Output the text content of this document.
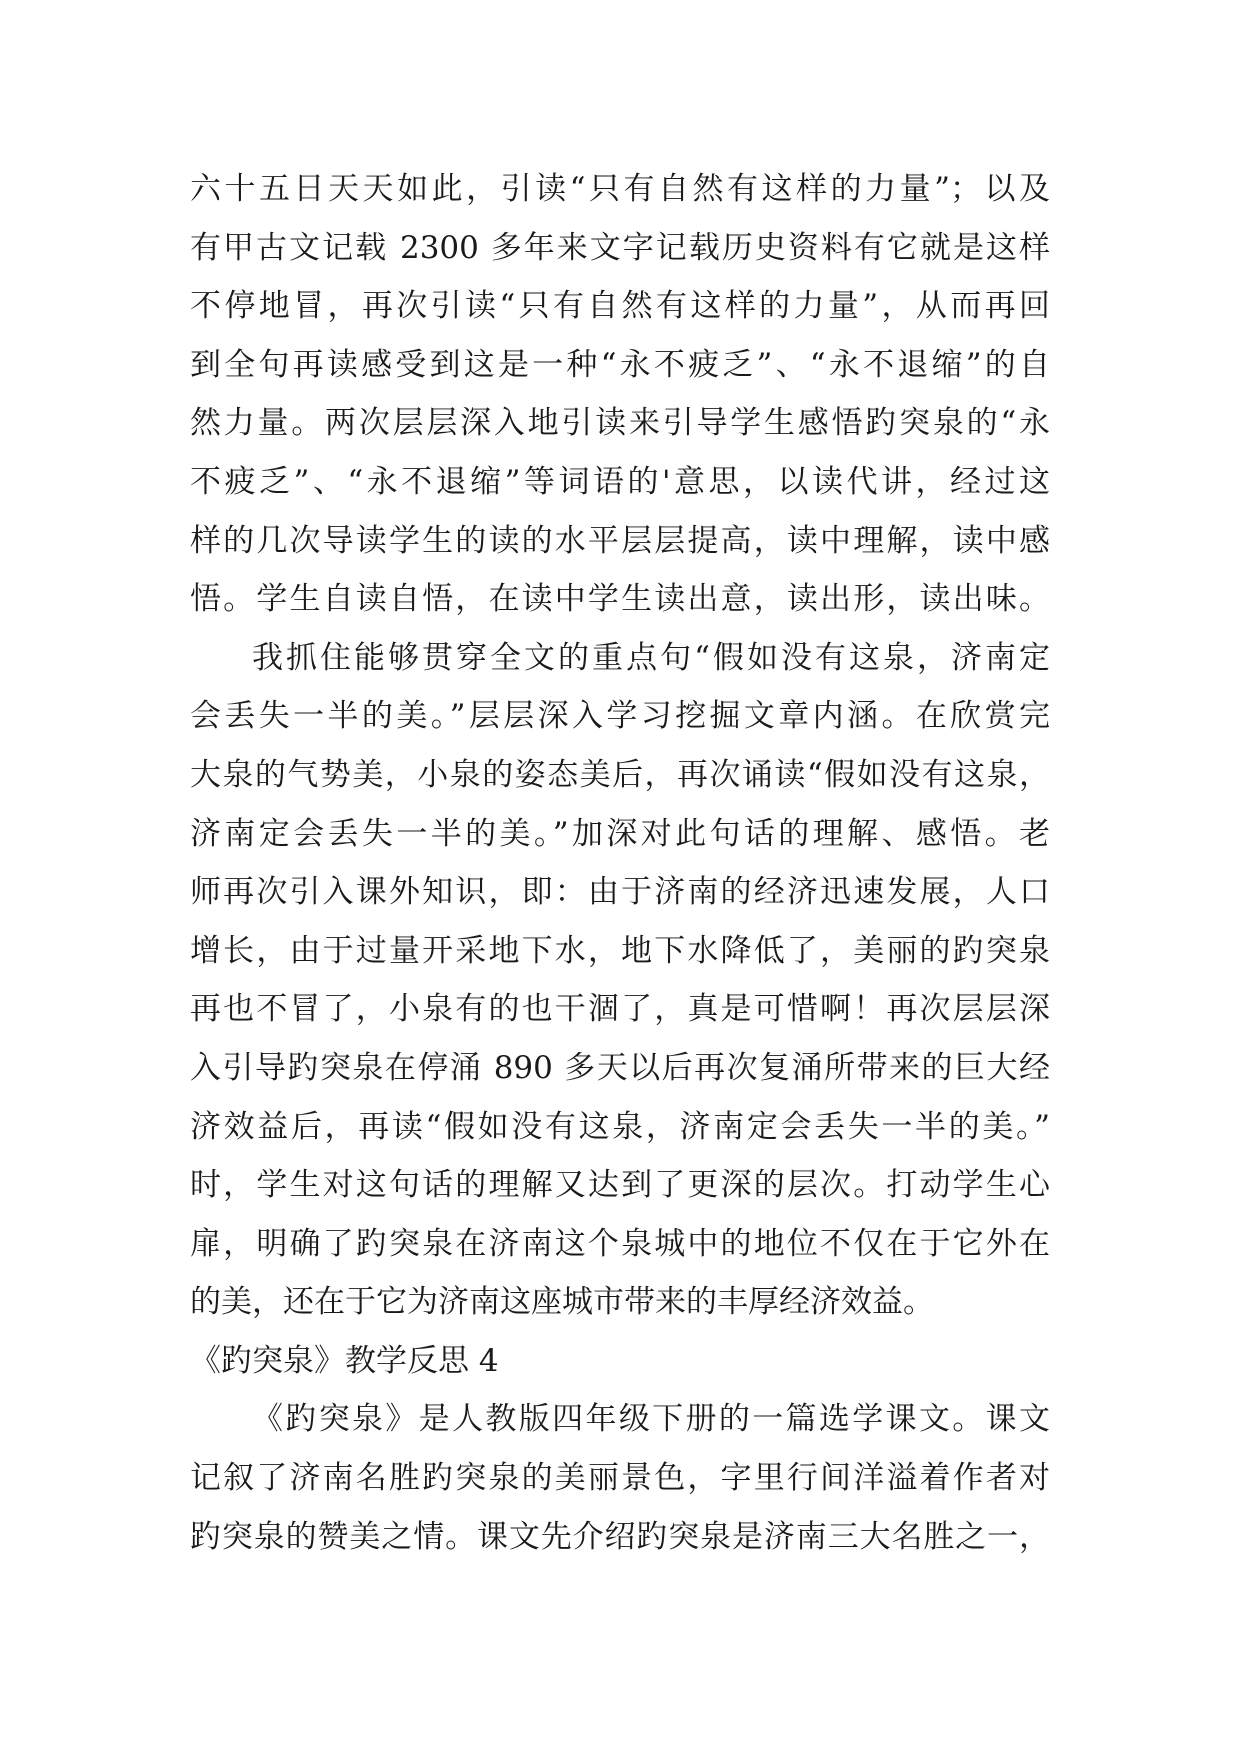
六十五日天天如此，引读“只有自然有这样的力量”；以及
有甲古文记载 2300 多年来文字记载历史资料有它就是这样
不停地冒，再次引读“只有自然有这样的力量”，从而再回
到全句再读感受到这是一种“永不疲乏”、“永不退缩”的自
然力量。两次层层深入地引读来引导学生感悟趵突泉的“永
不疲乏”、“永不退缩”等词语的'意思，以读代讲，经过这
样的几次导读学生的读的水平层层提高，读中理解，读中感
悟。学生自读自悟，在读中学生读出意，读出形，读出味。
我抓住能够贯穿全文的重点句“假如没有这泉，济南定
会丢失一半的美。”层层深入学习挖掘文章内涵。在欣赏完
大泉的气势美，小泉的姿态美后，再次诵读“假如没有这泉，
济南定会丢失一半的美。”加深对此句话的理解、感悟。老
师再次引入课外知识，即：由于济南的经济迅速发展，人口
增长，由于过量开采地下水，地下水降低了，美丽的趵突泉
再也不冒了，小泉有的也干涸了，真是可惜啊！再次层层深
入引导趵突泉在停涌 890 多天以后再次复涌所带来的巨大经
济效益后，再读“假如没有这泉，济南定会丢失一半的美。”
时，学生对这句话的理解又达到了更深的层次。打动学生心
扉，明确了趵突泉在济南这个泉城中的地位不仅在于它外在
的美，还在于它为济南这座城市带来的丰厚经济效益。
《趵突泉》教学反思 4
《趵突泉》是人教版四年级下册的一篇选学课文。课文
记叙了济南名胜趵突泉的美丽景色，字里行间洋溢着作者对
趵突泉的赞美之情。课文先介绍趵突泉是济南三大名胜之一，
